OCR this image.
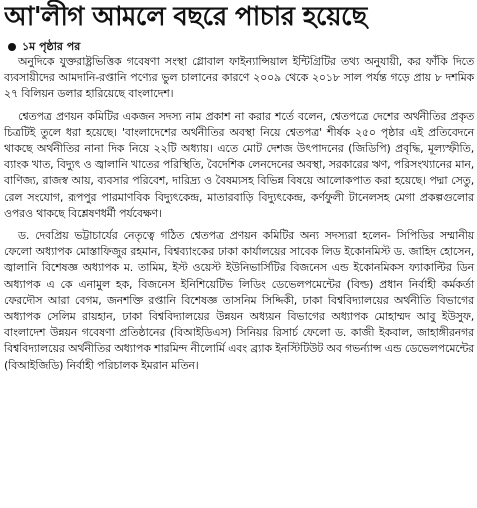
আ'লীগ আমলে বছরে পাচার হয়েছে
১ম পৃষ্ঠার পর

অনুদিকে যুক্তরাষ্ট্রভিত্তিক গবেষণা সংস্থা গ্লোবাল ফাইন্যান্সিয়াল ইন্টিগ্রিটির তথ্য অনুযায়ী, কর ফাঁকি দিতে ব্যবসায়ীদের আমদানি-রপ্তানি পণ্যের ভুল চালানের কারণে ২০০৯ থেকে ২০১৮ সাল পর্যন্ত গড়ে প্রায় ৮ দশমিক ২৭ বিলিয়ন ডলার হারিয়েছে বাংলাদেশ।

শ্বেতপত্র প্রণয়ন কমিটির একজন সদস্য নাম প্রকাশ না করার শর্তে বলেন, শ্বেতপত্রে দেশের অর্থনীতির প্রকৃত চিত্রটিই তুলে ধরা হয়েছে। 'বাংলাদেশের অর্থনীতির অবস্থা নিয়ে শ্বেতপত্র' শীর্ষক ২৫০ পৃষ্ঠার এই প্রতিবেদনে থাকছে অর্থনীতির নানা দিক নিয়ে ২২টি অধ্যায়। এতে মোট দেশজ উৎপাদনের (জিডিপি) প্রবৃদ্ধি, মূল্যস্ফীতি, ব্যাংক খাত, বিদ্যুৎ ও জ্বালানি খাতের পরিস্থিতি, বৈদেশিক লেনদেনের অবস্থা, সরকারের ঋণ, পরিসংখ্যানের মান, বাণিজ্য, রাজস্ব আয়, ব্যবসার পরিবেশ, দারিদ্র্য ও বৈষম্যসহ বিভিন্ন বিষয়ে আলোকপাত করা হয়েছে। পদ্মা সেতু, রেল সংযোগ, রূপপুর পারমাণবিক বিদ্যুৎকেন্দ্র, মাতারবাড়ি বিদ্যুৎকেন্দ্র, কর্ণফুলী টানেলসহ মেগা প্রকল্পগুলোর ওপরও থাকছে বিশ্লেষণধর্মী পর্যবেক্ষণ।

ড. দেবপ্রিয় ভট্টাচার্যের নেতৃত্বে গঠিত শ্বেতপত্র প্রণয়ন কমিটির অন্য সদস্যরা হলেন- সিপিডির সম্মানীয় ফেলো অধ্যাপক মোস্তাফিজুর রহমান, বিশ্বব্যাংকের ঢাকা কার্যালয়ের সাবেক লিড ইকোনমিস্ট ড. জাহিদ হোসেন, জ্বালানি বিশেষজ্ঞ অধ্যাপক ম. তামিম, ইস্ট ওয়েস্ট ইউনিভার্সিটির বিজনেস এন্ড ইকোনমিকস ফ্যাকাল্টির ডিন অধ্যাপক এ কে এনামুল হক, বিজনেস ইনিশিয়েটিভ লিডিং ডেভেলপমেন্টের (বিল্ড) প্রধান নির্বাহী কর্মকর্তা ফেরদৌস আরা বেগম, জনশক্তি রপ্তানি বিশেষজ্ঞ তাসনিম সিদ্দিকী, ঢাকা বিশ্ববিদ্যালয়ের অর্থনীতি বিভাগের অধ্যাপক সেলিম রায়হান, ঢাকা বিশ্ববিদ্যালয়ের উন্নয়ন অধ্যয়ন বিভাগের অধ্যাপক মোহাম্মদ আবু ইউসুফ, বাংলাদেশ উন্নয়ন গবেষণা প্রতিষ্ঠানের (বিআইডিএস) সিনিয়র রিসার্চ ফেলো ড. কাজী ইকবাল, জাহাঙ্গীরনগর বিশ্ববিদ্যালয়ের অর্থনীতির অধ্যাপক শারমিন্দ নীলোর্মি এবং ব্র্যাক ইনস্টিটিউট অব গভর্ন্যান্স এন্ড ডেভেলপমেন্টের (বিআইজিডি) নির্বাহী পরিচালক ইমরান মতিন।
